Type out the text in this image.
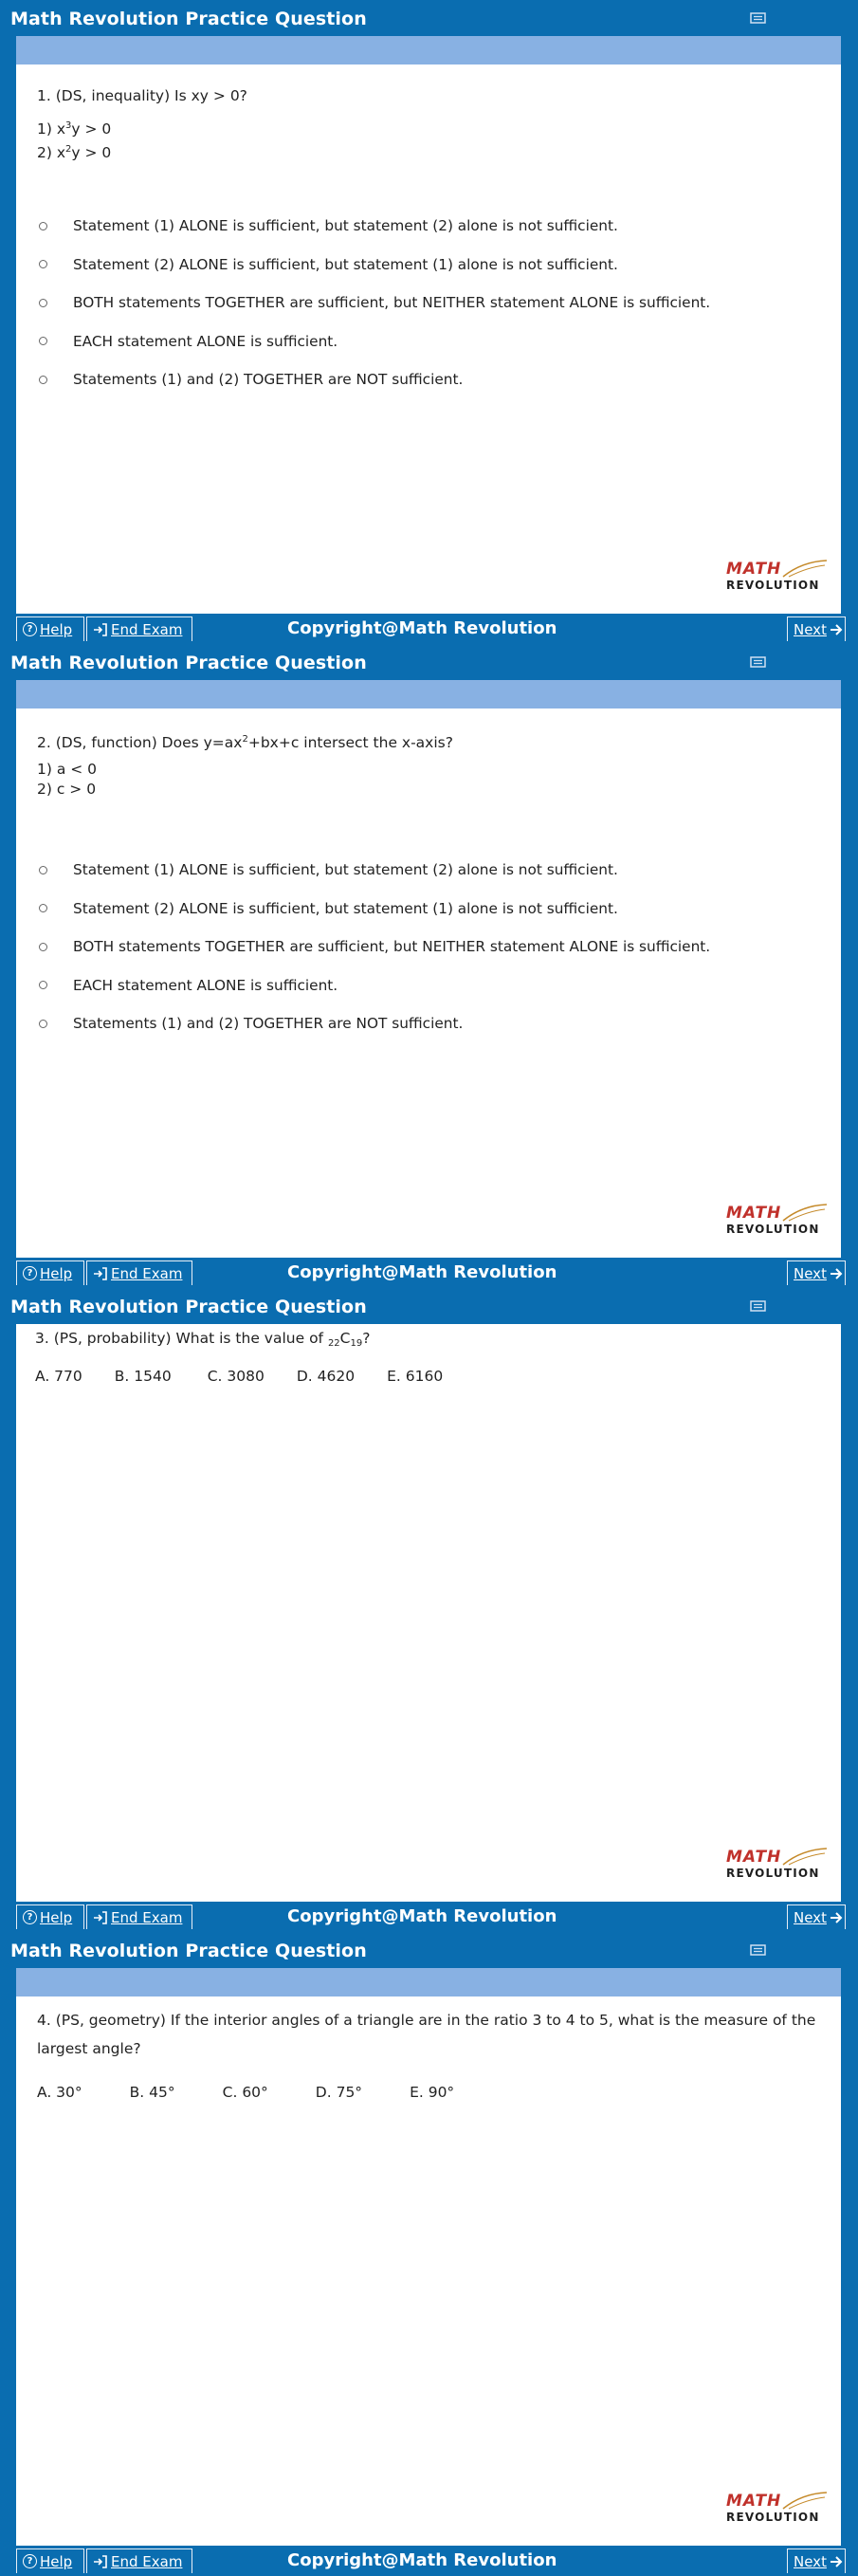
Math Revolution Practice Question
1. (DS, inequality) Is xy > 0?
1) $x^3y > 0$
2) $x^2y > 0$
Statement (1) ALONE is sufficient, but statement (2) alone is not sufficient.
Statement (2) ALONE is sufficient, but statement (1) alone is not sufficient.
BOTH statements TOGETHER are sufficient, but NEITHER statement ALONE is sufficient.
EACH statement ALONE is sufficient.
Statements (1) and (2) TOGETHER are NOT sufficient.
MATH
REVOLUTION
? Help	End Exam	Copyright@Math Revolution	Next
Math Revolution Practice Question
2. (DS, function) Does $y=ax^2+bx+c$ intersect the x-axis?
1) a < 0
2) c > 0
Statement (1) ALONE is sufficient, but statement (2) alone is not sufficient.
Statement (2) ALONE is sufficient, but statement (1) alone is not sufficient.
BOTH statements TOGETHER are sufficient, but NEITHER statement ALONE is sufficient.
EACH statement ALONE is sufficient.
Statements (1) and (2) TOGETHER are NOT sufficient.
MATH
REVOLUTION
? Help	End Exam	Copyright@Math Revolution	Next
Math Revolution Practice Question
3. (PS, probability) What is the value of $_{22}C_{19}$?
A. 770 B. 1540 C. 3080 D. 4620 E. 6160
MATH
REVOLUTION
? Help	End Exam	Copyright@Math Revolution	Next
Math Revolution Practice Question
4. (PS, geometry) If the interior angles of a triangle are in the ratio 3 to 4 to 5, what is the measure of the largest angle?
A. 30°	B. 45°	C. 60°	D. 75°	E. 90°
MATH
REVOLUTION
? Help	End Exam	Copyright@Math Revolution	Next
